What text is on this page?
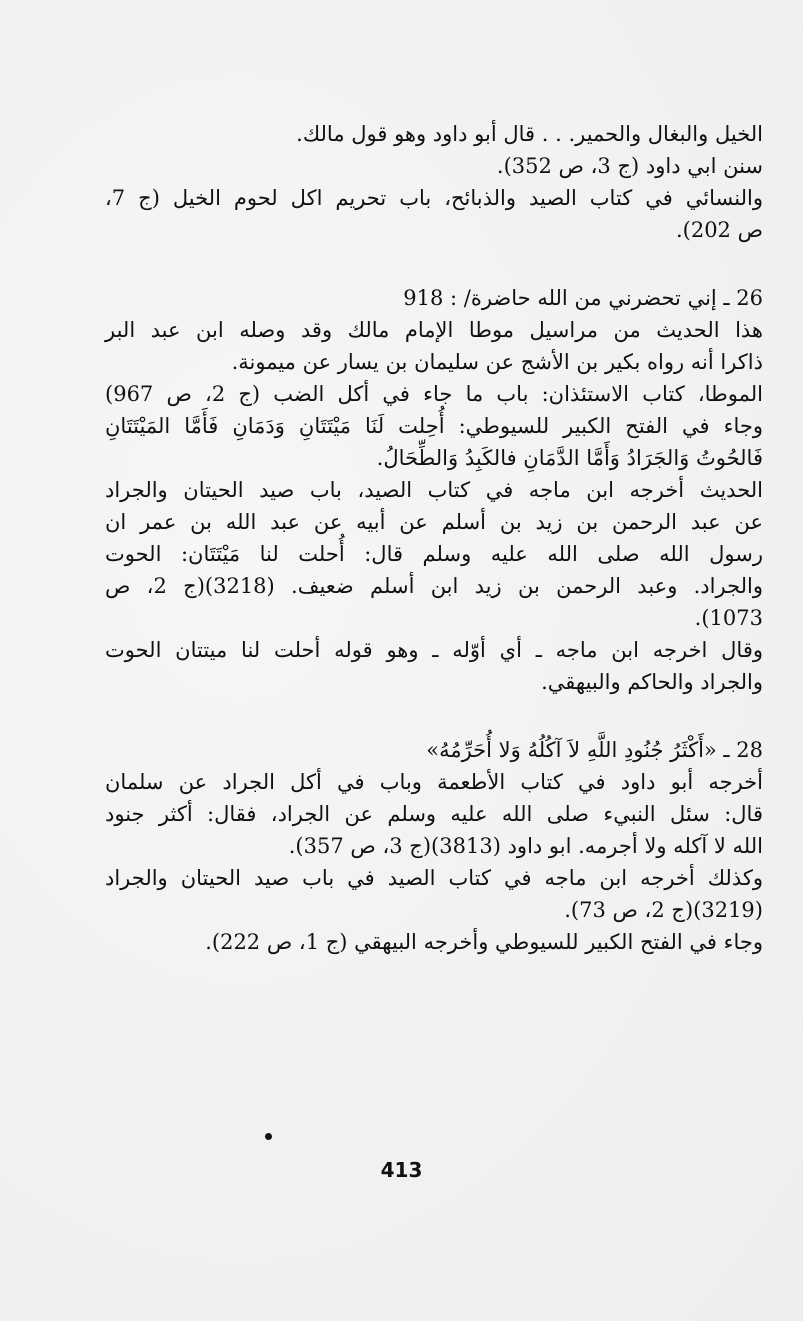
الخيل والبغال والحمير. . . قال أبو داود وهو قول مالك.
سنن ابي داود (ج 3، ص 352).
والنسائي في كتاب الصيد والذبائح، باب تحريم اكل لحوم الخيل (ج 7،
ص 202).
26 ـ إني تحضرني من الله حاضرة/ : 918
هذا الحديث من مراسيل موطا الإمام مالك وقد وصله ابن عبد البر
ذاكرا أنه رواه بكير بن الأشج عن سليمان بن يسار عن ميمونة.
الموطا، كتاب الاستئذان: باب ما جاء في أكل الضب (ج 2، ص 967)
وجاء في الفتح الكبير للسيوطي: أُحِلت لَنَا مَيْتَتَانِ وَدَمَانِ فَأَمَّا المَيْتَتَانِ
فَالحُوتُ وَالجَرَادُ وَأَمَّا الدَّمَانِ فالكَبِدُ وَالطِّحَالُ.
الحديث أخرجه ابن ماجه في كتاب الصيد، باب صيد الحيتان والجراد
عن عبد الرحمن بن زيد بن أسلم عن أبيه عن عبد الله بن عمر ان
رسول الله صلى الله عليه وسلم قال: أُحلت لنا مَيْتَتَان: الحوت
والجراد. وعبد الرحمن بن زيد ابن أسلم ضعيف. (3218)(ج 2، ص
1073).
وقال اخرجه ابن ماجه ـ أي أوّله ـ وهو قوله أحلت لنا ميتتان الحوت
والجراد والحاكم والبيهقي.
28 ـ «أَكْثَرُ جُنُودِ اللَّهِ لاَ آكُلُهُ وَلا أُحَرِّمُهُ»
أخرجه أبو داود في كتاب الأطعمة وباب في أكل الجراد عن سلمان
قال: سئل النبيء صلى الله عليه وسلم عن الجراد، فقال: أكثر جنود
الله لا آكله ولا أجرمه. ابو داود (3813)(ج 3، ص 357).
وكذلك أخرجه ابن ماجه في كتاب الصيد في باب صيد الحيتان والجراد
(3219)(ج 2، ص 73).
وجاء في الفتح الكبير للسيوطي وأخرجه البيهقي (ج 1، ص 222).
413
